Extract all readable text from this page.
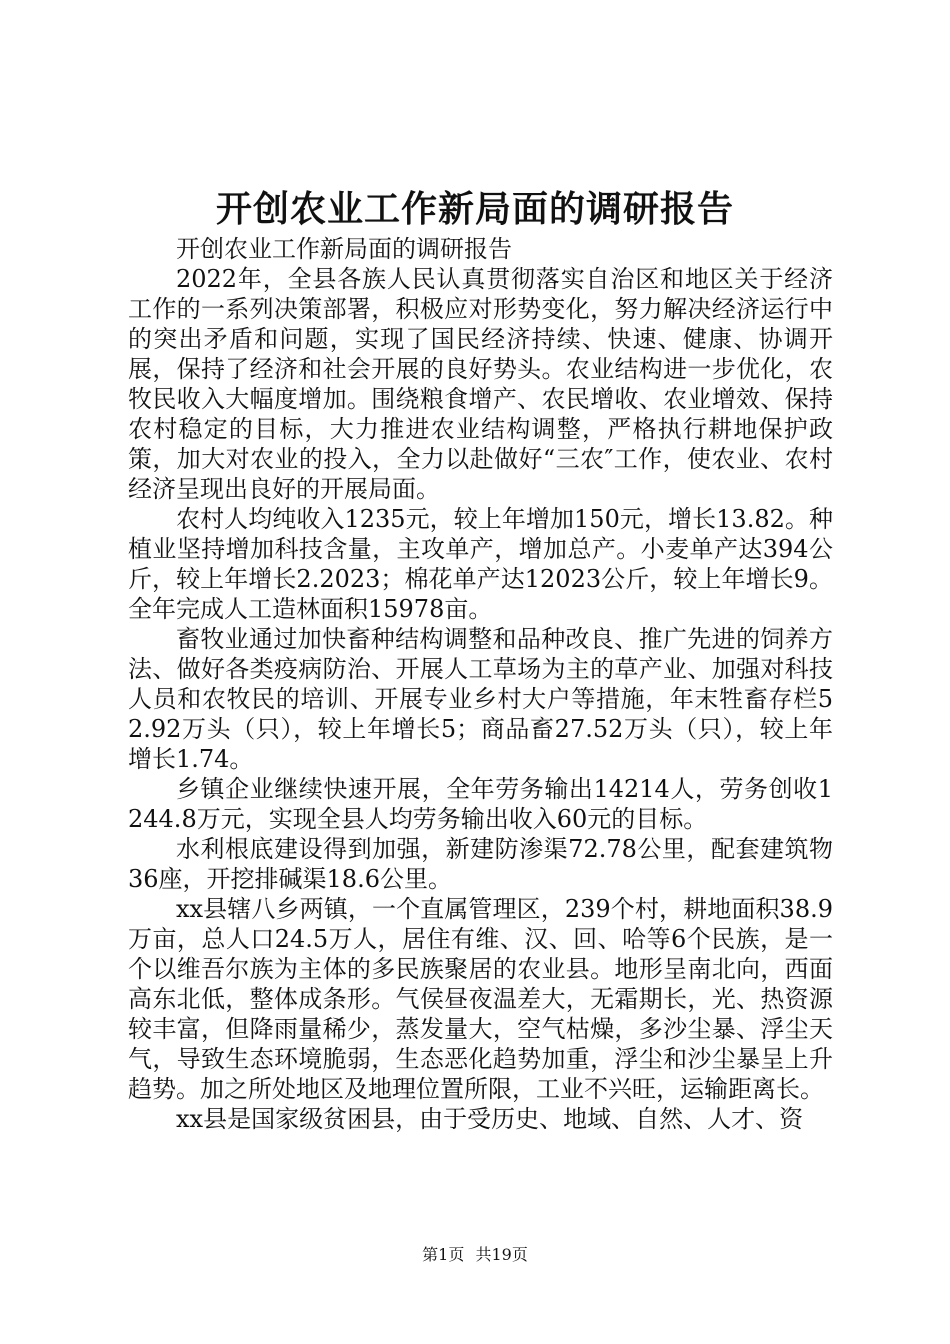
开创农业工作新局面的调研报告

开创农业工作新局面的调研报告

2022年，全县各族人民认真贯彻落实自治区和地区关于经济工作的一系列决策部署，积极应对形势变化，努力解决经济运行中的突出矛盾和问题，实现了国民经济持续、快速、健康、协调开展，保持了经济和社会开展的良好势头。农业结构进一步优化，农牧民收入大幅度增加。围绕粮食增产、农民增收、农业增效、保持农村稳定的目标，大力推进农业结构调整，严格执行耕地保护政策，加大对农业的投入，全力以赴做好“三农″工作，使农业、农村经济呈现出良好的开展局面。

农村人均纯收入1235元，较上年增加150元，增长13.82。种植业坚持增加科技含量，主攻单产，增加总产。小麦单产达394公斤，较上年增长2.2023；棉花单产达12023公斤，较上年增长9。全年完成人工造林面积15978亩。

畜牧业通过加快畜种结构调整和品种改良、推广先进的饲养方法、做好各类疫病防治、开展人工草场为主的草产业、加强对科技人员和农牧民的培训、开展专业乡村大户等措施，年末牲畜存栏52.92万头（只），较上年增长5；商品畜27.52万头（只），较上年增长1.74。

乡镇企业继续快速开展，全年劳务输出14214人，劳务创收1244.8万元，实现全县人均劳务输出收入60元的目标。

水利根底建设得到加强，新建防渗渠72.78公里，配套建筑物36座，开挖排碱渠18.6公里。

xx县辖八乡两镇，一个直属管理区，239个村，耕地面积38.9万亩，总人口24.5万人，居住有维、汉、回、哈等6个民族，是一个以维吾尔族为主体的多民族聚居的农业县。地形呈南北向，西面高东北低，整体成条形。气侯昼夜温差大，无霜期长，光、热资源较丰富，但降雨量稀少，蒸发量大，空气枯燥，多沙尘暴、浮尘天气，导致生态环境脆弱，生态恶化趋势加重，浮尘和沙尘暴呈上升趋势。加之所处地区及地理位置所限，工业不兴旺，运输距离长。

xx县是国家级贫困县，由于受历史、地域、自然、人才、资

第1页 共19页
